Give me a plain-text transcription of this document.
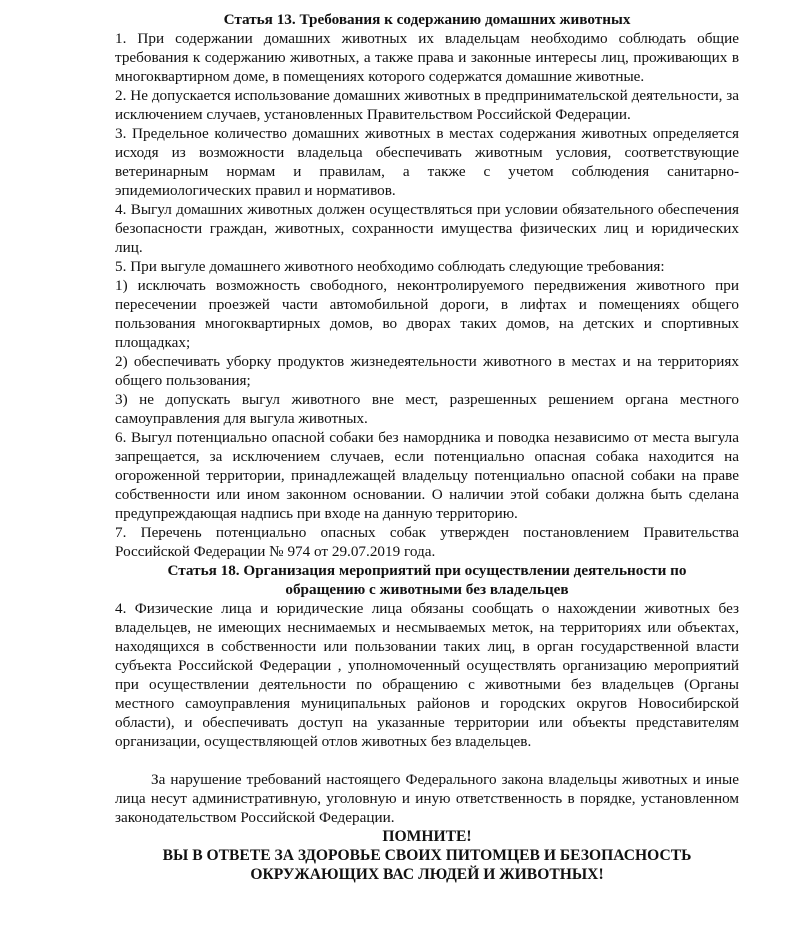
Статья 13. Требования к содержанию домашних животных

1. При содержании домашних животных их владельцам необходимо соблюдать общие требования к содержанию животных, а также права и законные интересы лиц, проживающих в многоквартирном доме, в помещениях которого содержатся домашние животные.

2. Не допускается использование домашних животных в предпринимательской деятельности, за исключением случаев, установленных Правительством Российской Федерации.

3. Предельное количество домашних животных в местах содержания животных определяется исходя из возможности владельца обеспечивать животным условия, соответствующие ветеринарным нормам и правилам, а также с учетом соблюдения санитарно-эпидемиологических правил и нормативов.

4. Выгул домашних животных должен осуществляться при условии обязательного обеспечения безопасности граждан, животных, сохранности имущества физических лиц и юридических лиц.

5. При выгуле домашнего животного необходимо соблюдать следующие требования:

1) исключать возможность свободного, неконтролируемого передвижения животного при пересечении проезжей части автомобильной дороги, в лифтах и помещениях общего пользования многоквартирных домов, во дворах таких домов, на детских и спортивных площадках;

2) обеспечивать уборку продуктов жизнедеятельности животного в местах и на территориях общего пользования;

3) не допускать выгул животного вне мест, разрешенных решением органа местного самоуправления для выгула животных.

6. Выгул потенциально опасной собаки без намордника и поводка независимо от места выгула запрещается, за исключением случаев, если потенциально опасная собака находится на огороженной территории, принадлежащей владельцу потенциально опасной собаки на праве собственности или ином законном основании. О наличии этой собаки должна быть сделана предупреждающая надпись при входе на данную территорию.

7. Перечень потенциально опасных собак утвержден постановлением Правительства Российской Федерации № 974 от 29.07.2019 года.

Статья 18. Организация мероприятий при осуществлении деятельности по

обращению с животными без владельцев

4. Физические лица и юридические лица обязаны сообщать о нахождении животных без владельцев, не имеющих неснимаемых и несмываемых меток, на территориях или объектах, находящихся в собственности или пользовании таких лиц, в орган государственной власти субъекта Российской Федерации , уполномоченный осуществлять организацию мероприятий при осуществлении деятельности по обращению с животными без владельцев (Органы местного самоуправления муниципальных районов и городских округов Новосибирской области), и обеспечивать доступ на указанные территории или объекты представителям организации, осуществляющей отлов животных без владельцев.

За нарушение требований настоящего Федерального закона владельцы животных и иные лица несут административную, уголовную и иную ответственность в порядке, установленном законодательством Российской Федерации.

ПОМНИТЕ!

ВЫ В ОТВЕТЕ ЗА ЗДОРОВЬЕ СВОИХ ПИТОМЦЕВ И БЕЗОПАСНОСТЬ

ОКРУЖАЮЩИХ ВАС ЛЮДЕЙ И ЖИВОТНЫХ!
